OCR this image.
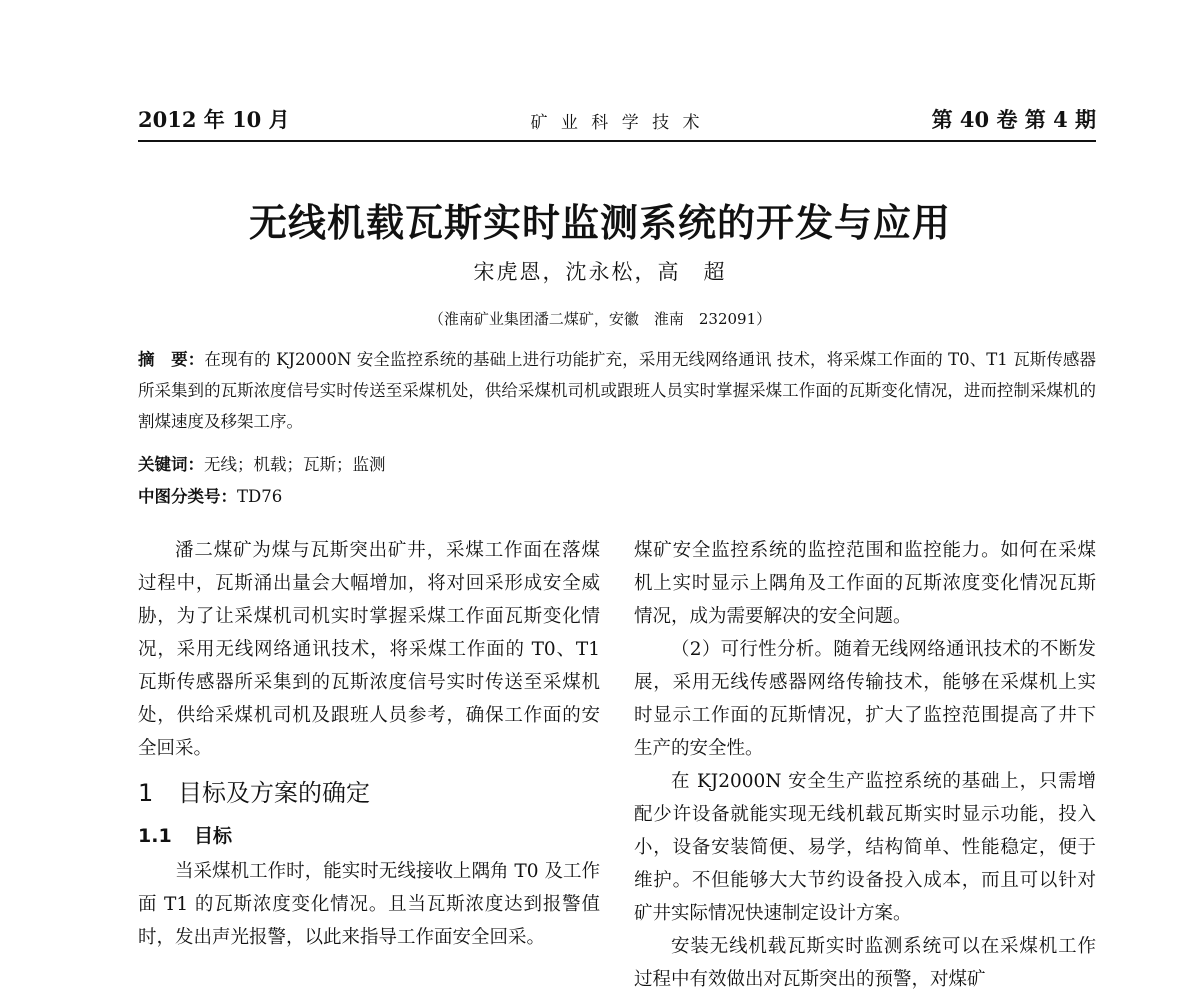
2012 年 10 月	矿 业 科 学 技 术	第 40 卷 第 4 期
无线机载瓦斯实时监测系统的开发与应用
宋虎恩，沈永松，高　超
（淮南矿业集团潘二煤矿，安徽　淮南　232091）
摘　要：在现有的 KJ2000N 安全监控系统的基础上进行功能扩充，采用无线网络通讯 技术，将采煤工作面的 T0、T1 瓦斯传感器所采集到的瓦斯浓度信号实时传送至采煤机处，供给采煤机司机或跟班人员实时掌握采煤工作面的瓦斯变化情况，进而控制采煤机的割煤速度及移架工序。
关键词：无线；机载；瓦斯；监测
中图分类号：TD76

潘二煤矿为煤与瓦斯突出矿井，采煤工作面在落煤过程中，瓦斯涌出量会大幅增加，将对回采形成安全威胁，为了让采煤机司机实时掌握采煤工作面瓦斯变化情况，采用无线网络通讯技术，将采煤工作面的 T0、T1 瓦斯传感器所采集到的瓦斯浓度信号实时传送至采煤机处，供给采煤机司机及跟班人员参考，确保工作面的安全回采。

1 目标及方案的确定
1.1 目标

当采煤机工作时，能实时无线接收上隅角 T0 及工作面 T1 的瓦斯浓度变化情况。且当瓦斯浓度达到报警值时，发出声光报警，以此来指导工作面安全回采。

煤矿安全监控系统的监控范围和监控能力。如何在采煤机上实时显示上隅角及工作面的瓦斯浓度变化情况瓦斯情况，成为需要解决的安全问题。

（2）可行性分析。随着无线网络通讯技术的不断发展，采用无线传感器网络传输技术，能够在采煤机上实时显示工作面的瓦斯情况，扩大了监控范围提高了井下生产的安全性。

在 KJ2000N 安全生产监控系统的基础上，只需增配少许设备就能实现无线机载瓦斯实时显示功能，投入小，设备安装简便、易学，结构简单、性能稳定，便于维护。不但能够大大节约设备投入成本，而且可以针对矿井实际情况快速制定设计方案。

安装无线机载瓦斯实时监测系统可以在采煤机工作过程中有效做出对瓦斯突出的预警，对煤矿
